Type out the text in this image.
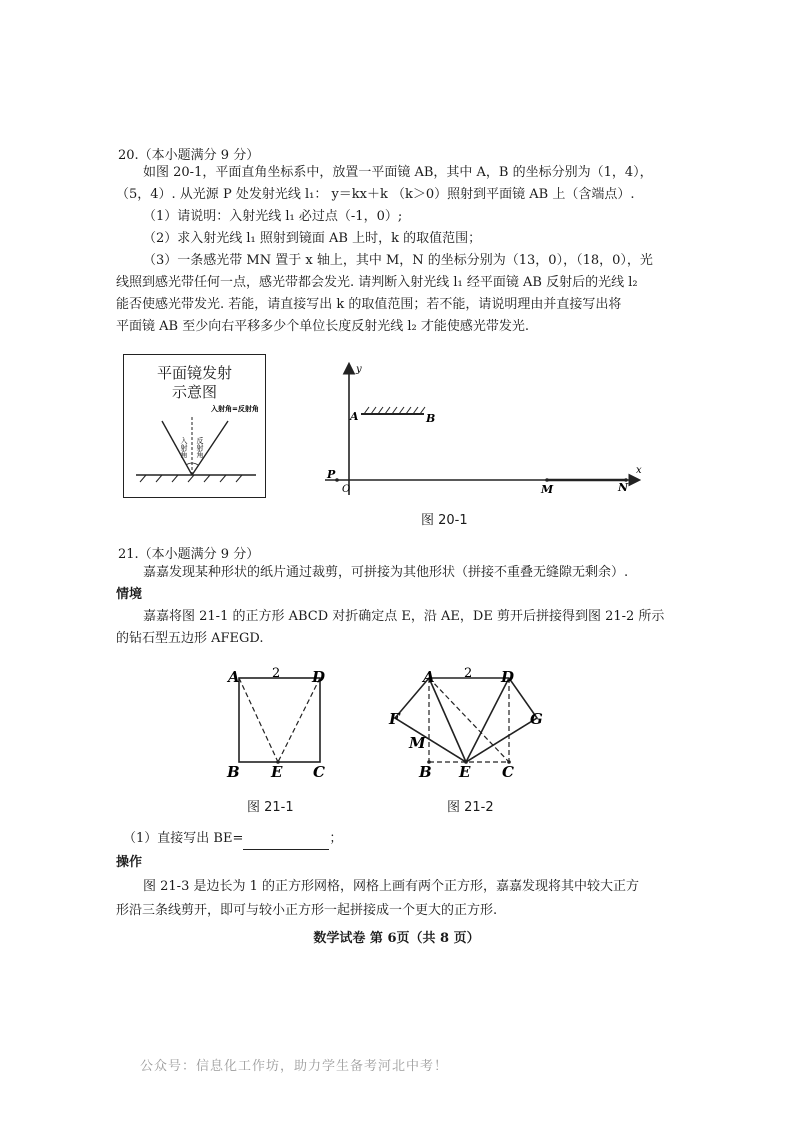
20.（本小题满分 9 分）
如图 20-1，平面直角坐标系中，放置一平面镜 AB，其中 A，B 的坐标分别为（1，4），
（5，4）. 从光源 P 处发射光线 l₁： y＝kx＋k （k＞0）照射到平面镜 AB 上（含端点）.
（1）请说明：入射光线 l₁ 必过点（-1，0）;
（2）求入射光线 l₁ 照射到镜面 AB 上时，k 的取值范围；
（3）一条感光带 MN 置于 x 轴上，其中 M，N 的坐标分别为（13，0），（18，0），光
线照到感光带任何一点，感光带都会发光. 请判断入射光线 l₁ 经平面镜 AB 反射后的光线 l₂
能否使感光带发光. 若能，请直接写出 k 的取值范围；若不能，请说明理由并直接写出将
平面镜 AB 至少向右平移多少个单位长度反射光线 l₂ 才能使感光带发光.
平面镜发射
示意图
入射角=反射角
入射角 反射角
y
x
A	B
P
O	M	N
图 20-1
21.（本小题满分 9 分）
嘉嘉发现某种形状的纸片通过裁剪，可拼接为其他形状（拼接不重叠无缝隙无剩余）.
情境
嘉嘉将图 21-1 的正方形 ABCD 对折确定点 E，沿 AE，DE 剪开后拼接得到图 21-2 所示
的钻石型五边形 AFEGD.
A	D
2
B E C
图 21-1
A	D
2
F	G
M
B E C
图 21-2
（1）直接写出 BE=	；
操作
图 21-3 是边长为 1 的正方形网格，网格上画有两个正方形，嘉嘉发现将其中较大正方
形沿三条线剪开，即可与较小正方形一起拼接成一个更大的正方形.
数学试卷 第 6页（共 8 页）
公众号：信息化工作坊，助力学生备考河北中考！
